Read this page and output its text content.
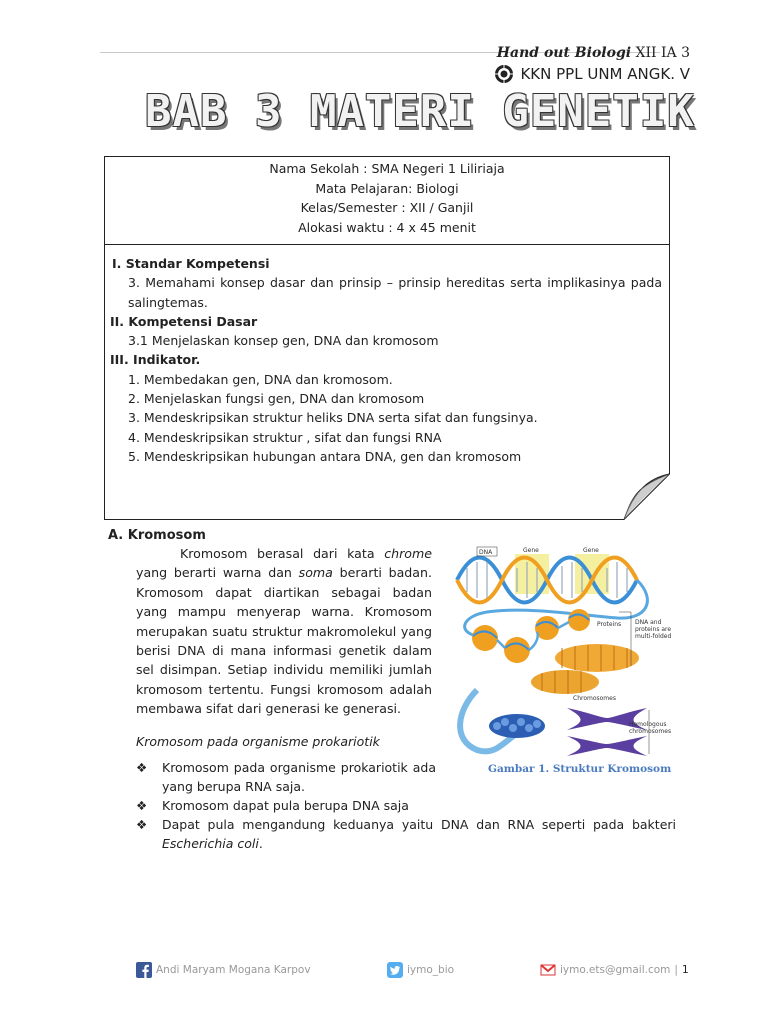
Hand out Biologi XII IA 3
KKN PPL UNM ANGK. V
BAB 3 MATERI GENETIK
Nama Sekolah : SMA Negeri 1 Liliriaja
Mata Pelajaran: Biologi
Kelas/Semester : XII / Ganjil
Alokasi waktu : 4 x 45 menit
I. Standar Kompetensi
3. Memahami konsep dasar dan prinsip – prinsip hereditas serta implikasinya pada salingtemas.
II. Kompetensi Dasar
3.1 Menjelaskan konsep gen, DNA dan kromosom
III. Indikator.
1. Membedakan gen, DNA dan kromosom.
2. Menjelaskan fungsi gen, DNA dan kromosom
3. Mendeskripsikan struktur heliks DNA serta sifat dan fungsinya.
4. Mendeskripsikan struktur , sifat dan fungsi RNA
5. Mendeskripsikan hubungan antara DNA, gen dan kromosom
A. Kromosom
Kromosom berasal dari kata chrome yang berarti warna dan soma berarti badan. Kromosom dapat diartikan sebagai badan yang mampu menyerap warna. Kromosom merupakan suatu struktur makromolekul yang berisi DNA di mana informasi genetik dalam sel disimpan. Setiap individu memiliki jumlah kromosom tertentu. Fungsi kromosom adalah membawa sifat dari generasi ke generasi.
Kromosom pada organisme prokariotik
❖ Kromosom pada organisme prokariotik ada yang berupa RNA saja.
❖ Kromosom dapat pula berupa DNA saja
❖ Dapat pula mengandung keduanya yaitu DNA dan RNA seperti pada bakteri Escherichia coli.
DNA	Gene	Gene
Proteins DNA and
proteins are
multi-folded
Chromosomes
Homologous
chromosomes
Gambar 1. Struktur Kromosom
Andi Maryam Mogana Karpov	iymo_bio	iymo.ets@gmail.com | 1
